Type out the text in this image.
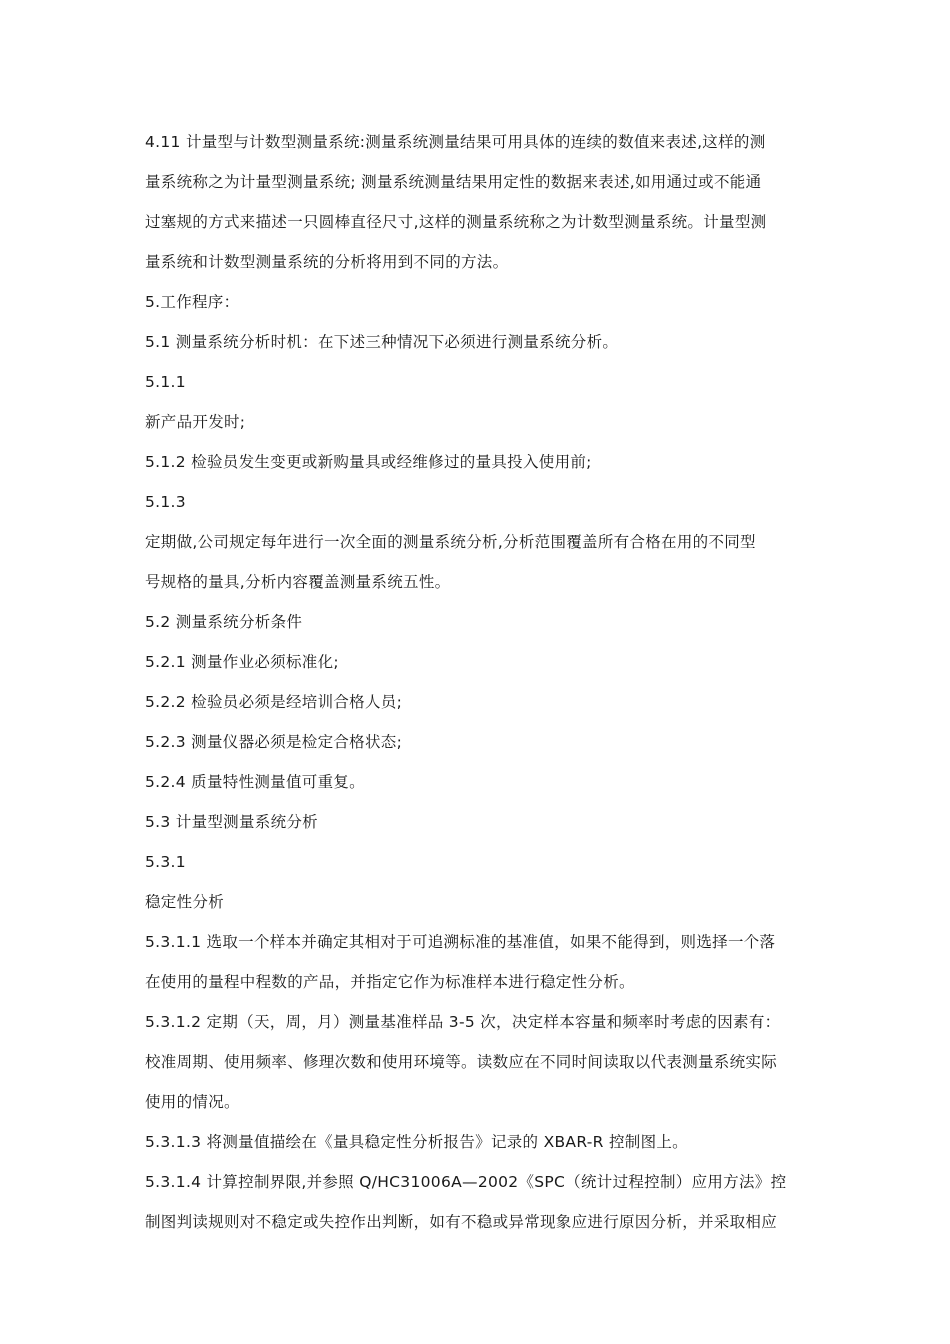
4.11 计量型与计数型测量系统:测量系统测量结果可用具体的连续的数值来表述,这样的测
量系统称之为计量型测量系统; 测量系统测量结果用定性的数据来表述,如用通过或不能通
过塞规的方式来描述一只圆棒直径尺寸,这样的测量系统称之为计数型测量系统。计量型测
量系统和计数型测量系统的分析将用到不同的方法。
5.工作程序：
5.1 测量系统分析时机：在下述三种情况下必须进行测量系统分析。
5.1.1
新产品开发时;
5.1.2 检验员发生变更或新购量具或经维修过的量具投入使用前;
5.1.3
定期做,公司规定每年进行一次全面的测量系统分析,分析范围覆盖所有合格在用的不同型
号规格的量具,分析内容覆盖测量系统五性。
5.2 测量系统分析条件
5.2.1 测量作业必须标准化;
5.2.2 检验员必须是经培训合格人员;
5.2.3 测量仪器必须是检定合格状态;
5.2.4 质量特性测量值可重复。
5.3 计量型测量系统分析
5.3.1
稳定性分析
5.3.1.1 选取一个样本并确定其相对于可追溯标准的基准值，如果不能得到，则选择一个落
在使用的量程中程数的产品，并指定它作为标准样本进行稳定性分析。
5.3.1.2 定期（天，周，月）测量基准样品 3-5 次，决定样本容量和频率时考虑的因素有：
校准周期、使用频率、修理次数和使用环境等。读数应在不同时间读取以代表测量系统实际
使用的情况。
5.3.1.3 将测量值描绘在《量具稳定性分析报告》记录的 XBAR-R 控制图上。
5.3.1.4 计算控制界限,并参照 Q/HC31006A—2002《SPC（统计过程控制）应用方法》控
制图判读规则对不稳定或失控作出判断，如有不稳或异常现象应进行原因分析，并采取相应
